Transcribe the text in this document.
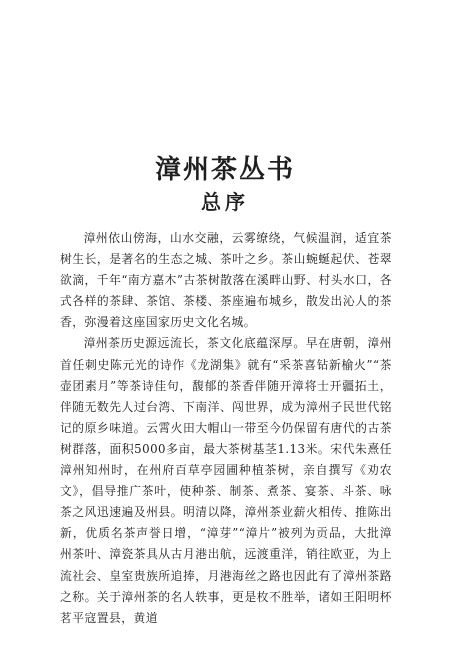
漳州茶丛书
总序

漳州依山傍海，山水交融，云雾缭绕，气候温润，适宜茶树生长，是著名的生态之城、茶叶之乡。茶山蜿蜒起伏、苍翠欲滴，千年“南方嘉木”古茶树散落在溪畔山野、村头水口，各式各样的茶肆、茶馆、茶楼、茶座遍布城乡，散发出沁人的茶香，弥漫着这座国家历史文化名城。

漳州茶历史源远流长，茶文化底蕴深厚。早在唐朝，漳州首任刺史陈元光的诗作《龙湖集》就有“采茶喜钻新榆火”“茶壶团素月”等茶诗佳句，馥郁的茶香伴随开漳将士开疆拓土，伴随无数先人过台湾、下南洋、闯世界，成为漳州子民世代铭记的原乡味道。云霄火田大帽山一带至今仍保留有唐代的古茶树群落，面积5000多亩，最大茶树基茎1.13米。宋代朱熹任漳州知州时，在州府百草亭园圃种植茶树，亲自撰写《劝农文》，倡导推广茶叶，使种茶、制茶、煮茶、宴茶、斗茶、咏茶之风迅速遍及州县。明清以降，漳州茶业薪火相传、推陈出新，优质名茶声誉日增，“漳芽”“漳片”被列为贡品，大批漳州茶叶、漳瓷茶具从古月港出航，远渡重洋，销往欧亚，为上流社会、皇室贵族所追捧，月港海丝之路也因此有了漳州茶路之称。关于漳州茶的名人轶事，更是枚不胜举，诸如王阳明杯茗平寇置县，黄道
